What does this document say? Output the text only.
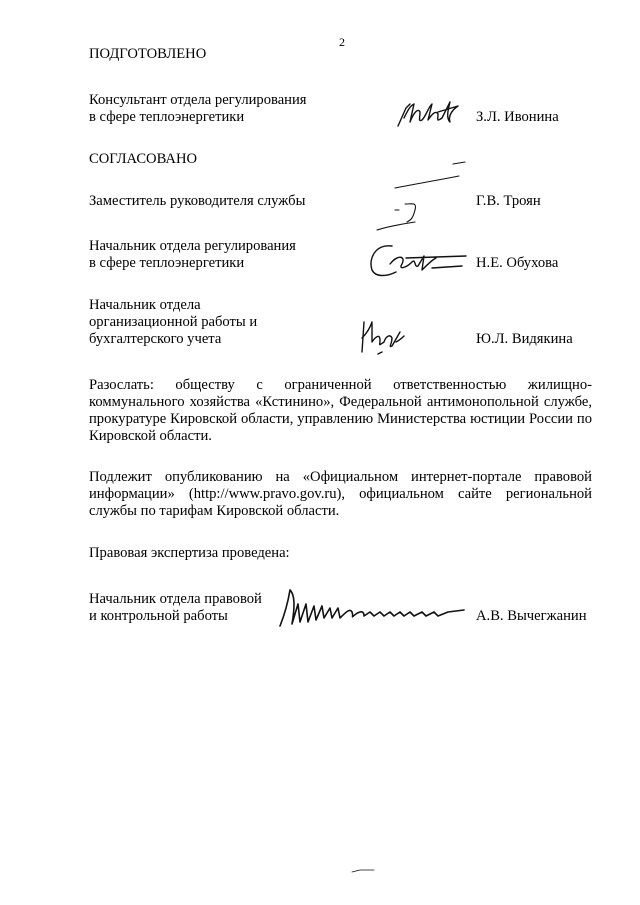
2
ПОДГОТОВЛЕНО
Консультант отдела регулирования
в сфере теплоэнергетики	З.Л. Ивонина
СОГЛАСОВАНО
Заместитель руководителя службы	Г.В. Троян
Начальник отдела регулирования
в сфере теплоэнергетики	Н.Е. Обухова
Начальник отдела
организационной работы и
бухгалтерского учета	Ю.Л. Видякина
Разослать: обществу с ограниченной ответственностью жилищно-коммунального хозяйства «Кстинино», Федеральной антимонопольной службе, прокуратуре Кировской области, управлению Министерства юстиции России по Кировской области.
Подлежит опубликованию на «Официальном интернет-портале правовой информации» (http://www.pravo.gov.ru), официальном сайте региональной службы по тарифам Кировской области.
Правовая экспертиза проведена:
Начальник отдела правовой
и контрольной работы	А.В. Вычегжанин
